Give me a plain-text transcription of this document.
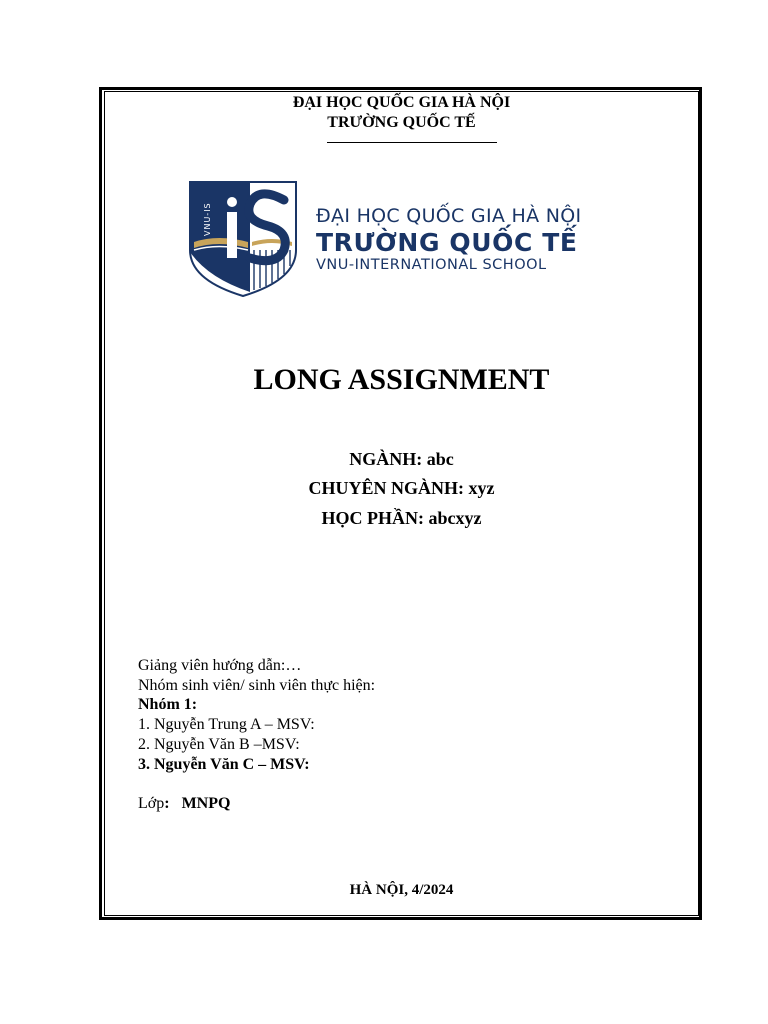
ĐẠI HỌC QUỐC GIA HÀ NỘI
TRƯỜNG QUỐC TẾ
VNU-IS	ĐẠI HỌC QUỐC GIA HÀ NỘI
TRƯỜNG QUỐC TẾ
VNU-INTERNATIONAL SCHOOL
LONG ASSIGNMENT
NGÀNH: abc
CHUYÊN NGÀNH: xyz
HỌC PHẦN: abcxyz
Giảng viên hướng dẫn:…
Nhóm sinh viên/ sinh viên thực hiện:
Nhóm 1:
1. Nguyễn Trung A – MSV:
2. Nguyễn Văn B –MSV:
3. Nguyễn Văn C – MSV:
Lớp: MNPQ
HÀ NỘI, 4/2024
